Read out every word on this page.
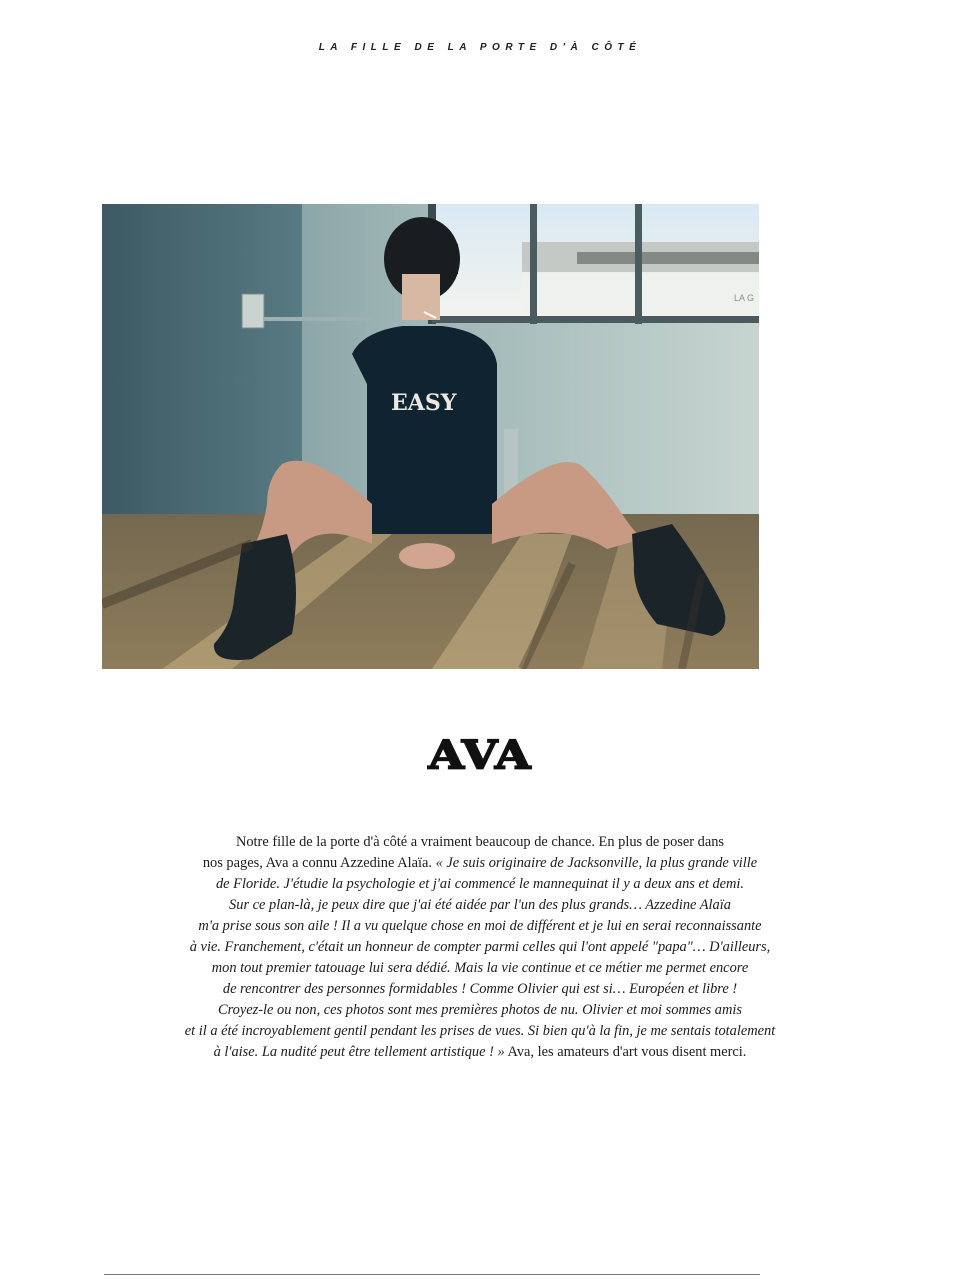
LA FILLE DE LA PORTE D'À CÔTÉ
LA G
EASY
AVA
Notre fille de la porte d'à côté a vraiment beaucoup de chance. En plus de poser dans
nos pages, Ava a connu Azzedine Alaïa. « Je suis originaire de Jacksonville, la plus grande ville
de Floride. J'étudie la psychologie et j'ai commencé le mannequinat il y a deux ans et demi.
Sur ce plan-là, je peux dire que j'ai été aidée par l'un des plus grands… Azzedine Alaïa
m'a prise sous son aile ! Il a vu quelque chose en moi de différent et je lui en serai reconnaissante
à vie. Franchement, c'était un honneur de compter parmi celles qui l'ont appelé "papa"… D'ailleurs,
mon tout premier tatouage lui sera dédié. Mais la vie continue et ce métier me permet encore
de rencontrer des personnes formidables ! Comme Olivier qui est si… Européen et libre !
Croyez-le ou non, ces photos sont mes premières photos de nu. Olivier et moi sommes amis
et il a été incroyablement gentil pendant les prises de vues. Si bien qu'à la fin, je me sentais totalement
à l'aise. La nudité peut être tellement artistique ! » Ava, les amateurs d'art vous disent merci.
